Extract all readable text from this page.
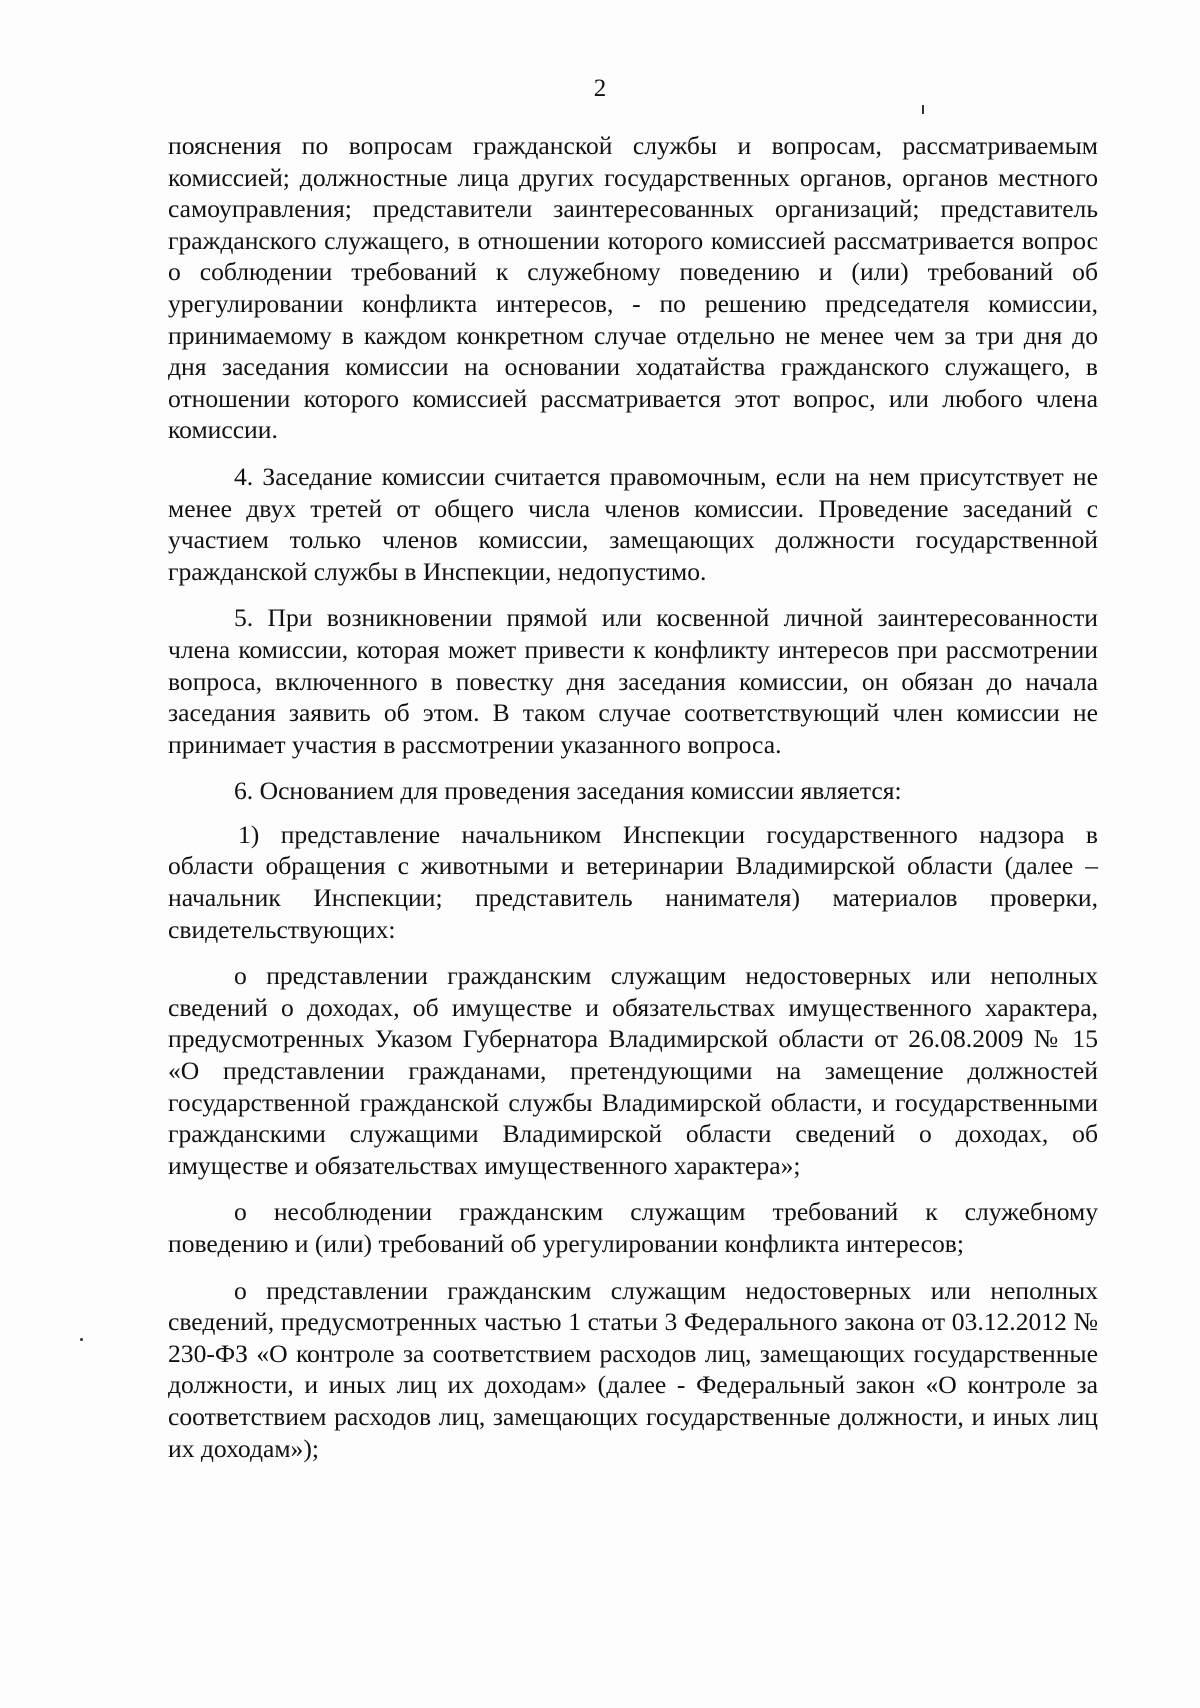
2

пояснения по вопросам гражданской службы и вопросам, рассматриваемым комиссией; должностные лица других государственных органов, органов местного самоуправления; представители заинтересованных организаций; представитель гражданского служащего, в отношении которого комиссией рассматривается вопрос о соблюдении требований к служебному поведению и (или) требований об урегулировании конфликта интересов, - по решению председателя комиссии, принимаемому в каждом конкретном случае отдельно не менее чем за три дня до дня заседания комиссии на основании ходатайства гражданского служащего, в отношении которого комиссией рассматривается этот вопрос, или любого члена комиссии.

4. Заседание комиссии считается правомочным, если на нем присутствует не менее двух третей от общего числа членов комиссии. Проведение заседаний с участием только членов комиссии, замещающих должности государственной гражданской службы в Инспекции, недопустимо.

5. При возникновении прямой или косвенной личной заинтересованности члена комиссии, которая может привести к конфликту интересов при рассмотрении вопроса, включенного в повестку дня заседания комиссии, он обязан до начала заседания заявить об этом. В таком случае соответствующий член комиссии не принимает участия в рассмотрении указанного вопроса.

6. Основанием для проведения заседания комиссии является:

1) представление начальником Инспекции государственного надзора в области обращения с животными и ветеринарии Владимирской области (далее – начальник Инспекции; представитель нанимателя) материалов проверки, свидетельствующих:

о представлении гражданским служащим недостоверных или неполных сведений о доходах, об имуществе и обязательствах имущественного характера, предусмотренных Указом Губернатора Владимирской области от 26.08.2009 № 15 «О представлении гражданами, претендующими на замещение должностей государственной гражданской службы Владимирской области, и государственными гражданскими служащими Владимирской области сведений о доходах, об имуществе и обязательствах имущественного характера»;

о несоблюдении гражданским служащим требований к служебному поведению и (или) требований об урегулировании конфликта интересов;

о представлении гражданским служащим недостоверных или неполных сведений, предусмотренных частью 1 статьи 3 Федерального закона от 03.12.2012 № 230-ФЗ «О контроле за соответствием расходов лиц, замещающих государственные должности, и иных лиц их доходам» (далее - Федеральный закон «О контроле за соответствием расходов лиц, замещающих государственные должности, и иных лиц их доходам»);
